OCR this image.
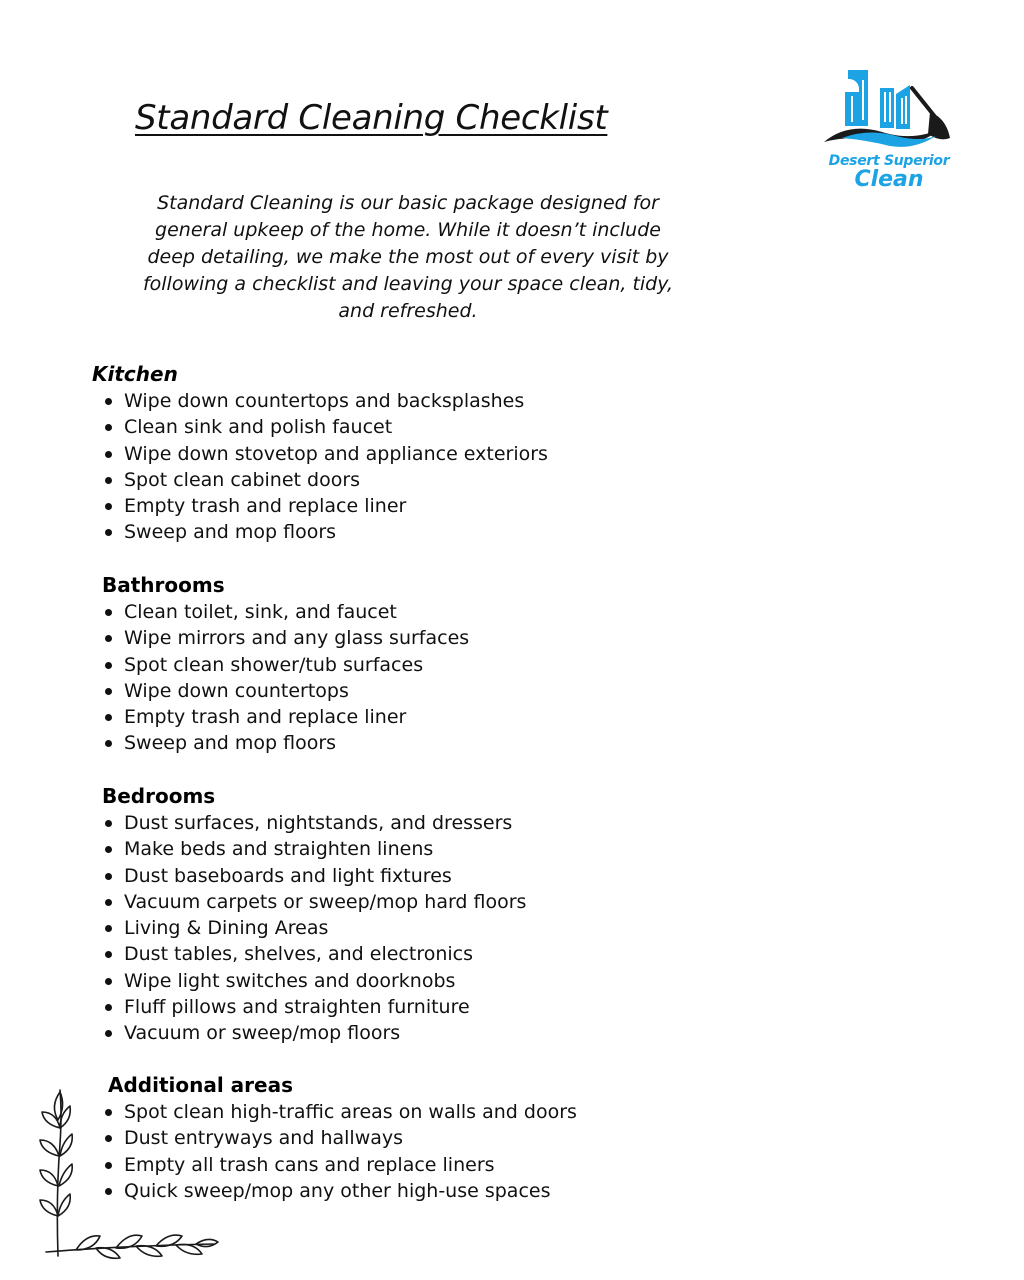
Standard Cleaning Checklist

Standard Cleaning is our basic package designed for general upkeep of the home. While it doesn’t include deep detailing, we make the most out of every visit by following a checklist and leaving your space clean, tidy, and refreshed.

Desert Superior
Clean
Kitchen
Wipe down countertops and backsplashes
Clean sink and polish faucet
Wipe down stovetop and appliance exteriors
Spot clean cabinet doors
Empty trash and replace liner
Sweep and mop floors
Bathrooms
Clean toilet, sink, and faucet
Wipe mirrors and any glass surfaces
Spot clean shower/tub surfaces
Wipe down countertops
Empty trash and replace liner
Sweep and mop floors
Bedrooms
Dust surfaces, nightstands, and dressers
Make beds and straighten linens
Dust baseboards and light fixtures
Vacuum carpets or sweep/mop hard floors
Living & Dining Areas
Dust tables, shelves, and electronics
Wipe light switches and doorknobs
Fluff pillows and straighten furniture
Vacuum or sweep/mop floors
Additional areas
Spot clean high-traffic areas on walls and doors
Dust entryways and hallways
Empty all trash cans and replace liners
Quick sweep/mop any other high-use spaces
